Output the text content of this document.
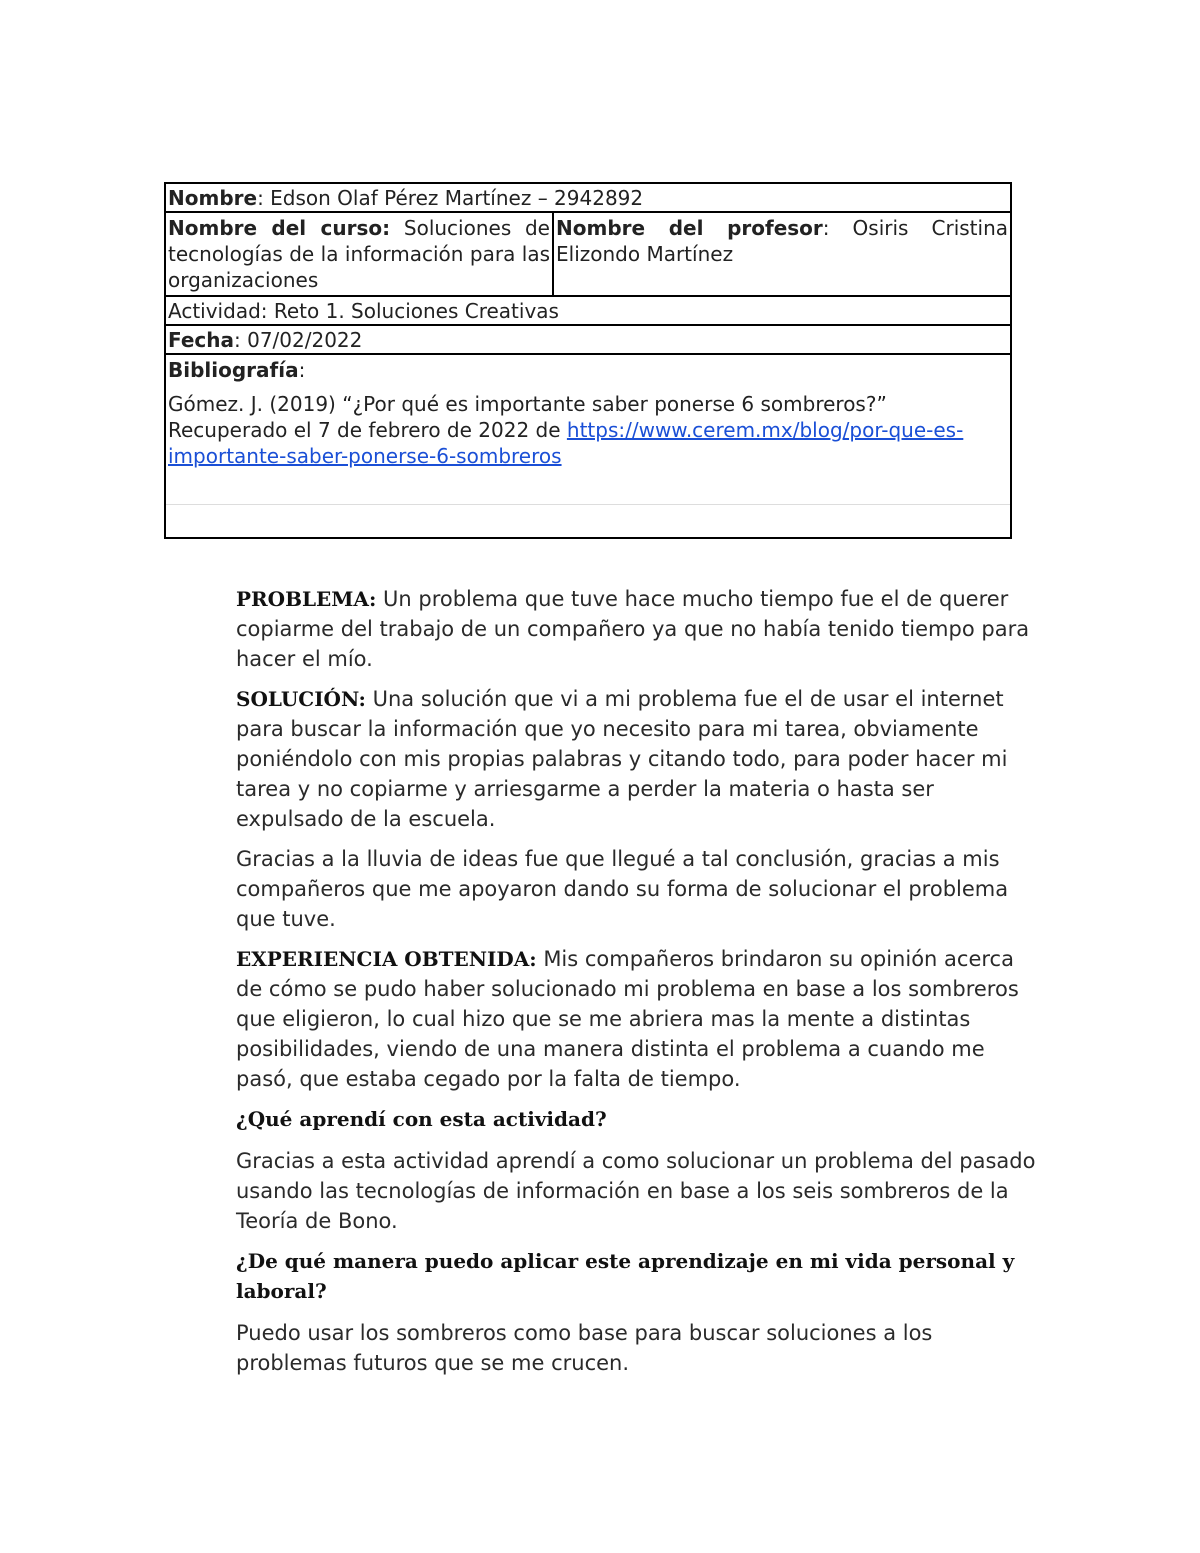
Nombre: Edson Olaf Pérez Martínez – 2942892
Nombre del curso: Soluciones de tecnologías de la información para las organizaciones
Nombre del profesor: Osiris Cristina Elizondo Martínez
Actividad: Reto 1. Soluciones Creativas
Fecha: 07/02/2022
Bibliografía:
Gómez. J. (2019) “¿Por qué es importante saber ponerse 6 sombreros?” Recuperado el 7 de febrero de 2022 de https://www.cerem.mx/blog/por-que-es-importante-saber-ponerse-6-sombreros

PROBLEMA: Un problema que tuve hace mucho tiempo fue el de querer copiarme del trabajo de un compañero ya que no había tenido tiempo para hacer el mío.

SOLUCIÓN: Una solución que vi a mi problema fue el de usar el internet para buscar la información que yo necesito para mi tarea, obviamente poniéndolo con mis propias palabras y citando todo, para poder hacer mi tarea y no copiarme y arriesgarme a perder la materia o hasta ser expulsado de la escuela.

Gracias a la lluvia de ideas fue que llegué a tal conclusión, gracias a mis compañeros que me apoyaron dando su forma de solucionar el problema que tuve.

EXPERIENCIA OBTENIDA: Mis compañeros brindaron su opinión acerca de cómo se pudo haber solucionado mi problema en base a los sombreros que eligieron, lo cual hizo que se me abriera mas la mente a distintas posibilidades, viendo de una manera distinta el problema a cuando me pasó, que estaba cegado por la falta de tiempo.

¿Qué aprendí con esta actividad?

Gracias a esta actividad aprendí a como solucionar un problema del pasado usando las tecnologías de información en base a los seis sombreros de la Teoría de Bono.

¿De qué manera puedo aplicar este aprendizaje en mi vida personal y laboral?

Puedo usar los sombreros como base para buscar soluciones a los problemas futuros que se me crucen.
